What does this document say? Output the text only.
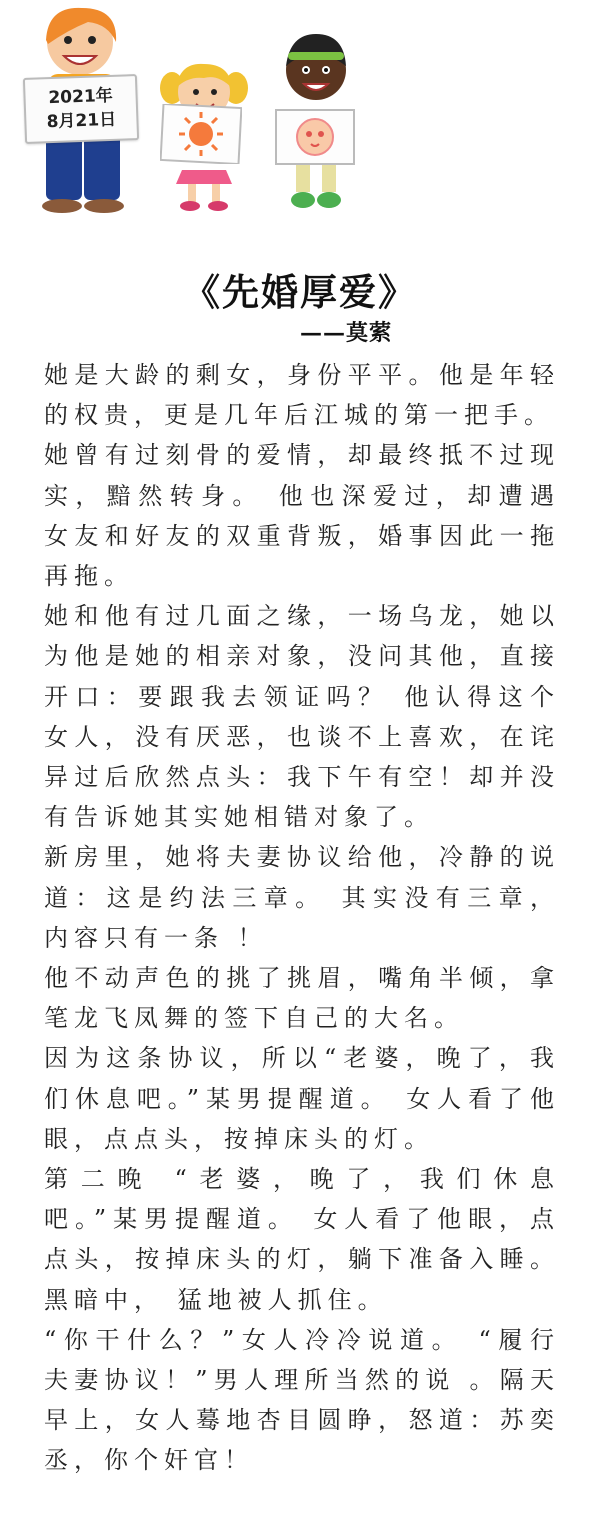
2021年
8月21日
《先婚厚爱》
——莫萦

她是大龄的剩女，身份平平。他是年轻的权贵，更是几年后江城的第一把手。

她曾有过刻骨的爱情，却最终抵不过现实，黯然转身。 他也深爱过，却遭遇女友和好友的双重背叛，婚事因此一拖再拖。

她和他有过几面之缘，一场乌龙，她以为他是她的相亲对象，没问其他，直接开口：要跟我去领证吗？ 他认得这个女人，没有厌恶，也谈不上喜欢，在诧异过后欣然点头：我下午有空！却并没有告诉她其实她相错对象了。

新房里，她将夫妻协议给他，冷静的说道：这是约法三章。 其实没有三章，内容只有一条 ！

他不动声色的挑了挑眉，嘴角半倾，拿笔龙飞凤舞的签下自己的大名。

因为这条协议，所以“老婆，晚了，我们休息吧。”某男提醒道。 女人看了他眼，点点头，按掉床头的灯。

第二晚 “老婆，晚了，我们休息吧。”某男提醒道。 女人看了他眼，点点头，按掉床头的灯，躺下准备入睡。 黑暗中， 猛地被人抓住。

“你干什么？”女人冷冷说道。 “履行夫妻协议！”男人理所当然的说 。隔天早上，女人蓦地杏目圆睁，怒道：苏奕丞，你个奸官！
